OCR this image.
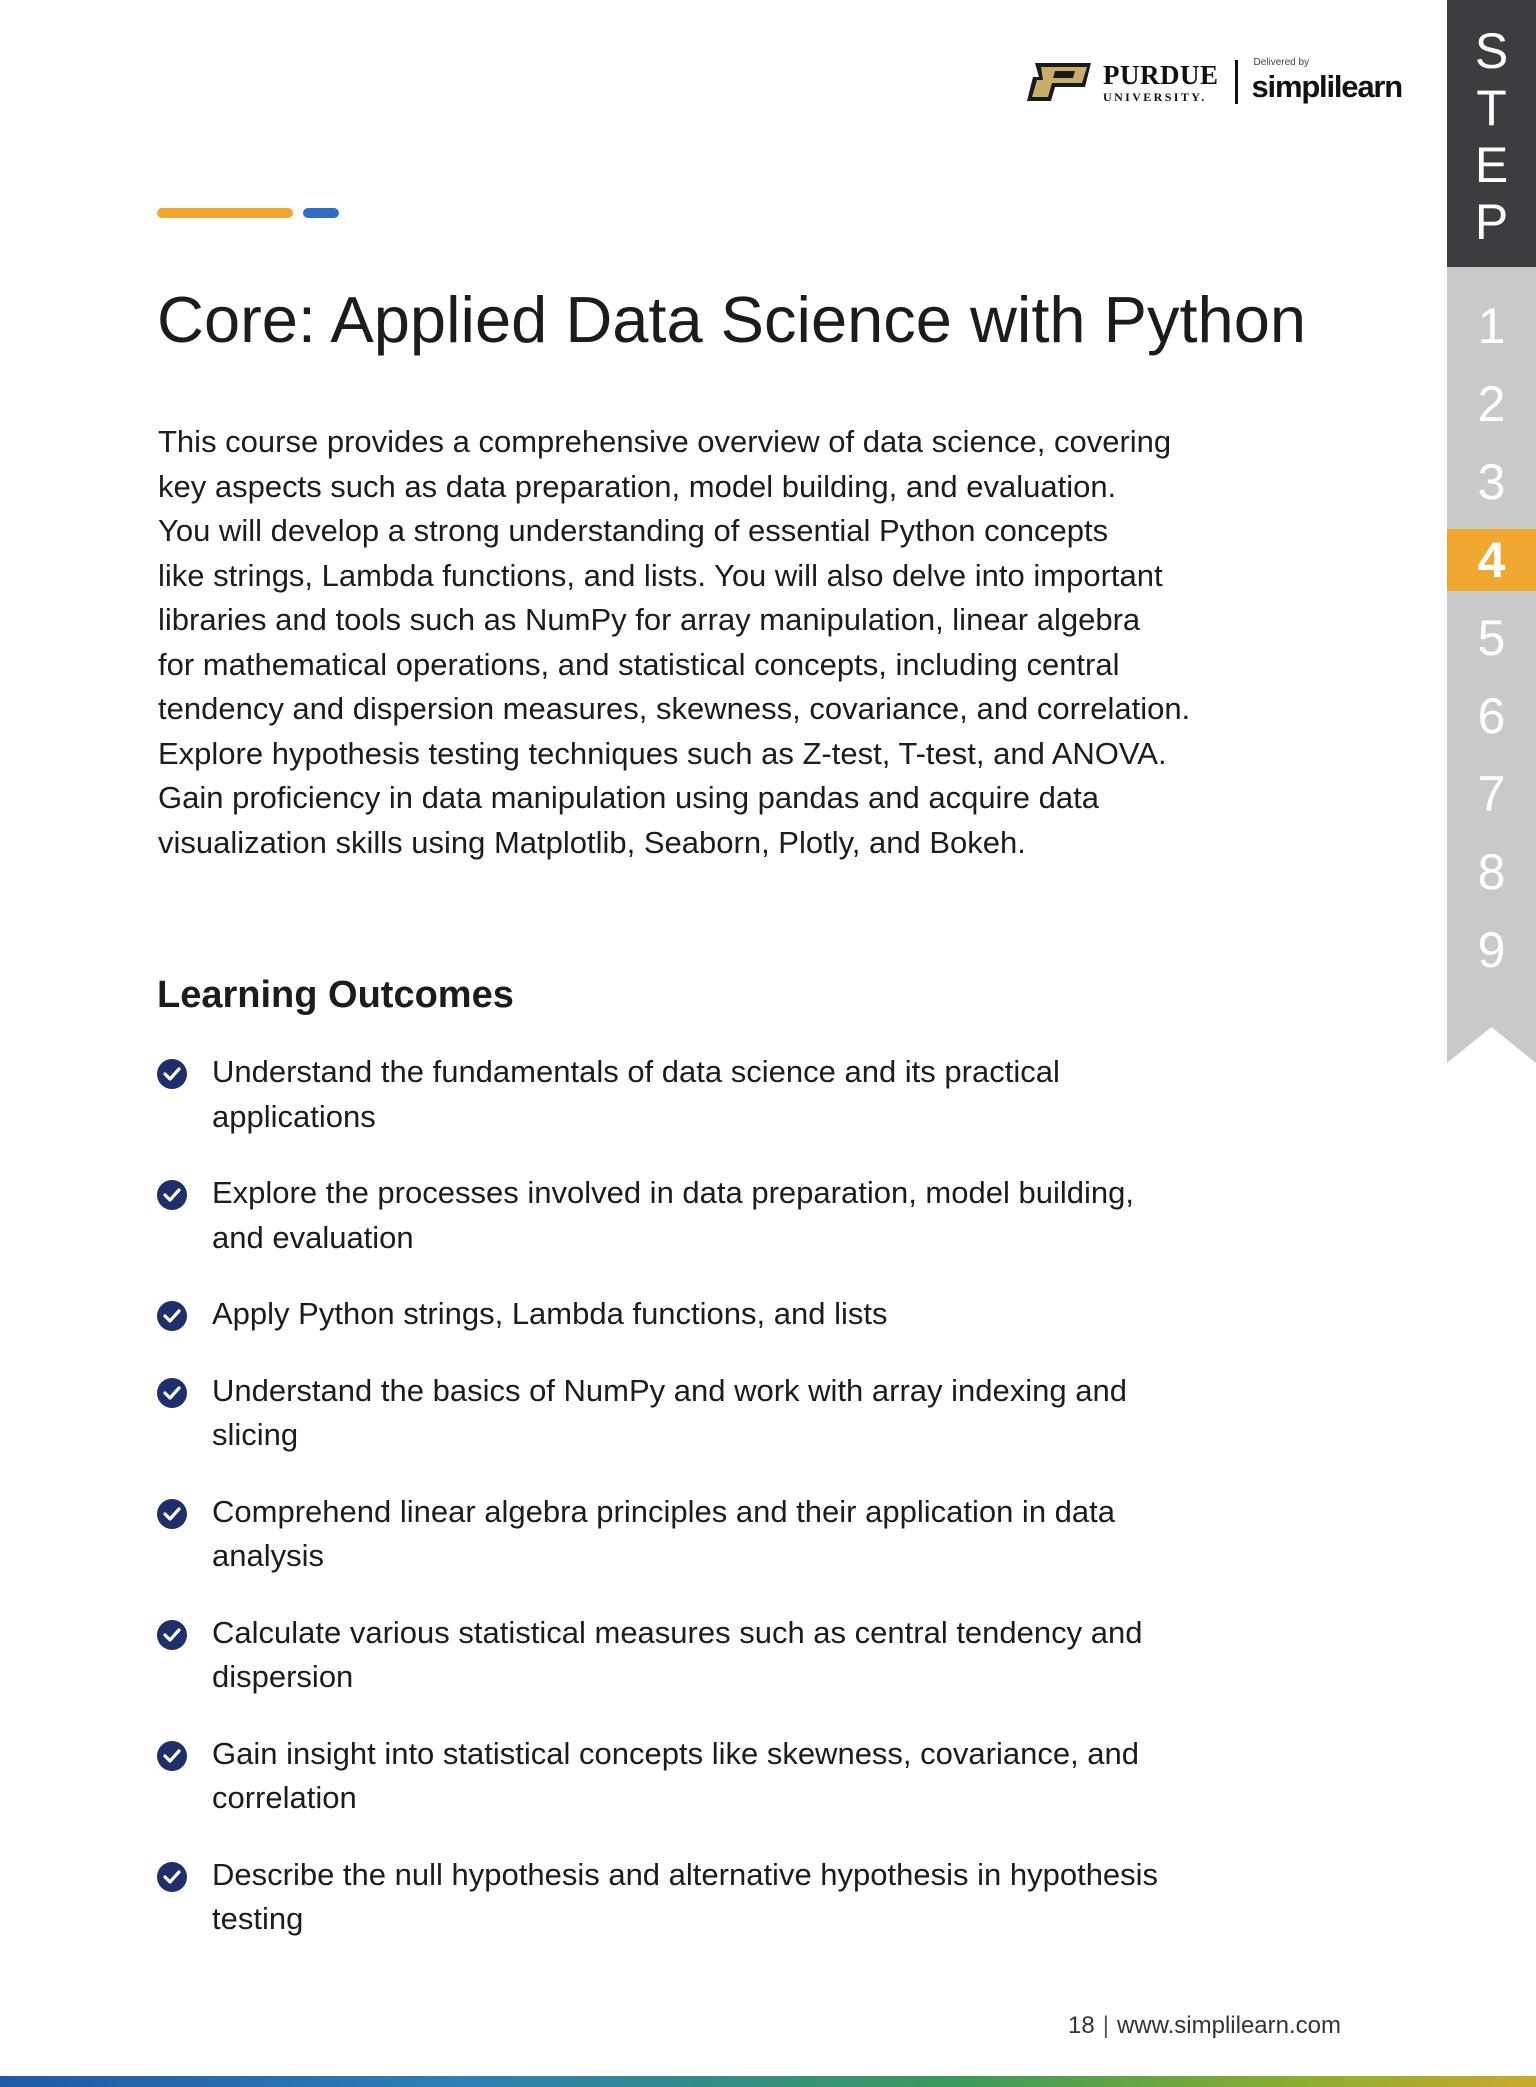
PURDUE
UNIVERSITY.
Delivered by
simplilearn
Core: Applied Data Science with Python

This course provides a comprehensive overview of data science, covering
key aspects such as data preparation, model building, and evaluation.
You will develop a strong understanding of essential Python concepts
like strings, Lambda functions, and lists. You will also delve into important
libraries and tools such as NumPy for array manipulation, linear algebra
for mathematical operations, and statistical concepts, including central
tendency and dispersion measures, skewness, covariance, and correlation.
Explore hypothesis testing techniques such as Z-test, T-test, and ANOVA.
Gain proficiency in data manipulation using pandas and acquire data
visualization skills using Matplotlib, Seaborn, Plotly, and Bokeh.

Learning Outcomes
Understand the fundamentals of data science and its practical
applications
Explore the processes involved in data preparation, model building,
and evaluation
Apply Python strings, Lambda functions, and lists
Understand the basics of NumPy and work with array indexing and
slicing
Comprehend linear algebra principles and their application in data
analysis
Calculate various statistical measures such as central tendency and
dispersion
Gain insight into statistical concepts like skewness, covariance, and
correlation
Describe the null hypothesis and alternative hypothesis in hypothesis
testing
S
T
E
P
1
2
3
4
5
6
7
8
9
18 | www.simplilearn.com
